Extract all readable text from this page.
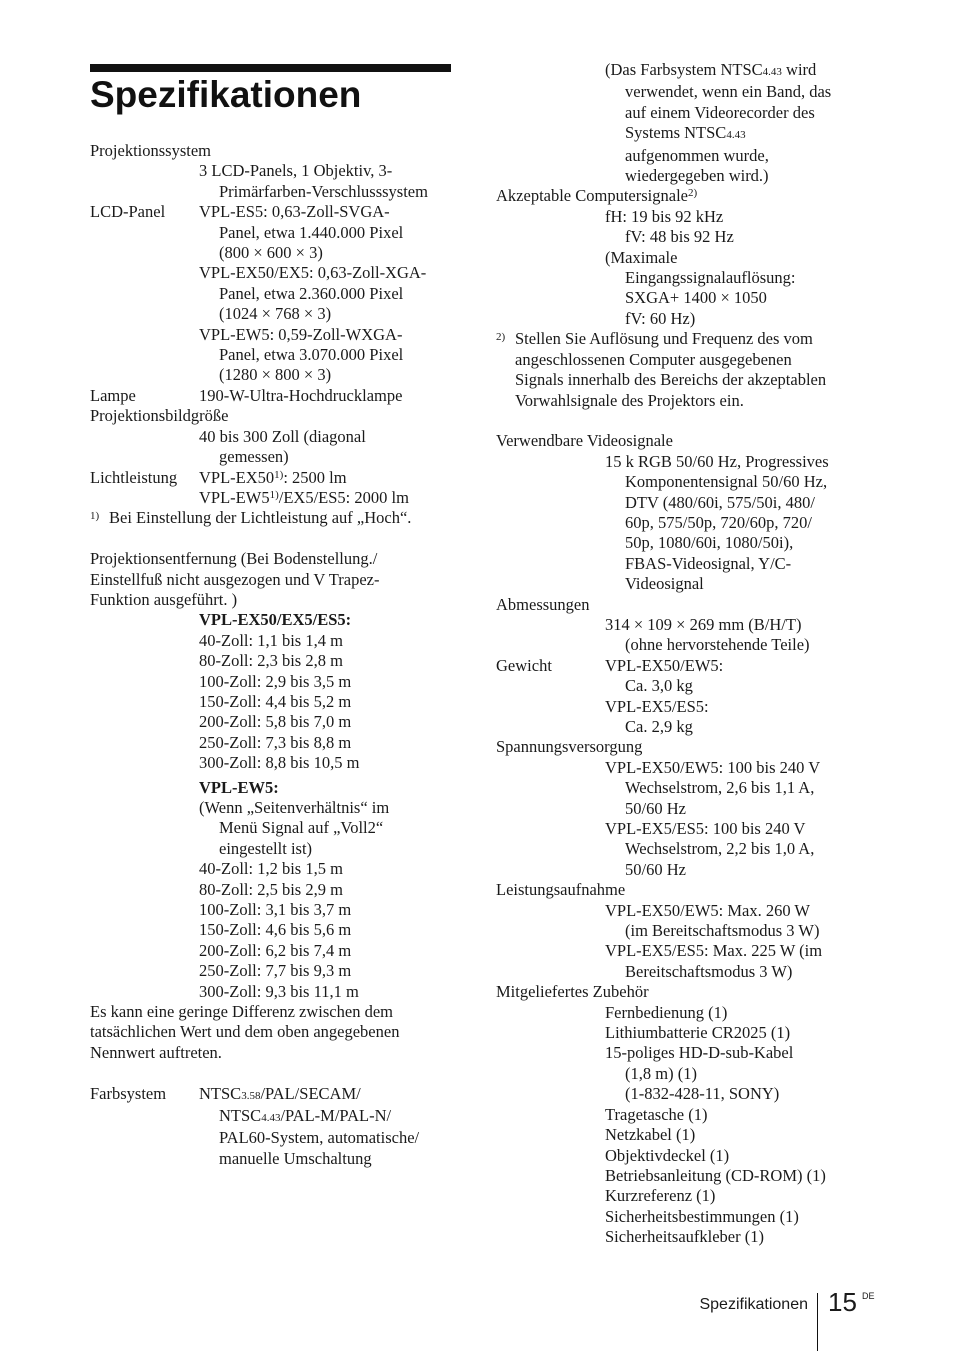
Spezifikationen
Projektionssystem
3 LCD-Panels, 1 Objektiv, 3-
Primärfarben-Verschlusssystem
LCD-Panel VPL-ES5: 0,63-Zoll-SVGA-
Panel, etwa 1.440.000 Pixel
(800 × 600 × 3)
VPL-EX50/EX5: 0,63-Zoll-XGA-
Panel, etwa 2.360.000 Pixel
(1024 × 768 × 3)
VPL-EW5: 0,59-Zoll-WXGA-
Panel, etwa 3.070.000 Pixel
(1280 × 800 × 3)
Lampe	190-W-Ultra-Hochdrucklampe
Projektionsbildgröße
40 bis 300 Zoll (diagonal
gemessen)
Lichtleistung VPL-EX50$^{1)}$: 2500 lm
VPL-EW5$^{1)}$/EX5/ES5: 2000 lm
1) Bei Einstellung der Lichtleistung auf „Hoch“.
Projektionsentfernung (Bei Bodenstellung./
Einstellfuß nicht ausgezogen und V Trapez-
Funktion ausgeführt. )
VPL-EX50/EX5/ES5:
40-Zoll: 1,1 bis 1,4 m
80-Zoll: 2,3 bis 2,8 m
100-Zoll: 2,9 bis 3,5 m
150-Zoll: 4,4 bis 5,2 m
200-Zoll: 5,8 bis 7,0 m
250-Zoll: 7,3 bis 8,8 m
300-Zoll: 8,8 bis 10,5 m
VPL-EW5:
(Wenn „Seitenverhältnis“ im
Menü Signal auf „Voll2“
eingestellt ist)
40-Zoll: 1,2 bis 1,5 m
80-Zoll: 2,5 bis 2,9 m
100-Zoll: 3,1 bis 3,7 m
150-Zoll: 4,6 bis 5,6 m
200-Zoll: 6,2 bis 7,4 m
250-Zoll: 7,7 bis 9,3 m
300-Zoll: 9,3 bis 11,1 m
Es kann eine geringe Differenz zwischen dem
tatsächlichen Wert und dem oben angegebenen
Nennwert auftreten.
Farbsystem NTSC3.58/PAL/SECAM/
NTSC4.43/PAL-M/PAL-N/
PAL60-System, automatische/
manuelle Umschaltung
(Das Farbsystem NTSC4.43 wird
verwendet, wenn ein Band, das
auf einem Videorecorder des
Systems NTSC4.43
aufgenommen wurde,
wiedergegeben wird.)
Akzeptable Computersignale$^{2)}$
fH: 19 bis 92 kHz
fV: 48 bis 92 Hz
(Maximale
Eingangssignalauflösung:
SXGA+ 1400 × 1050
fV: 60 Hz)
2) Stellen Sie Auflösung und Frequenz des vom
angeschlossenen Computer ausgegebenen
Signals innerhalb des Bereichs der akzeptablen
Vorwahlsignale des Projektors ein.
Verwendbare Videosignale
15 k RGB 50/60 Hz, Progressives
Komponentensignal 50/60 Hz,
DTV (480/60i, 575/50i, 480/
60p, 575/50p, 720/60p, 720/
50p, 1080/60i, 1080/50i),
FBAS-Videosignal, Y/C-
Videosignal
Abmessungen
314 × 109 × 269 mm (B/H/T)
(ohne hervorstehende Teile)
Gewicht	VPL-EX50/EW5:
Ca. 3,0 kg
VPL-EX5/ES5:
Ca. 2,9 kg
Spannungsversorgung
VPL-EX50/EW5: 100 bis 240 V
Wechselstrom, 2,6 bis 1,1 A,
50/60 Hz
VPL-EX5/ES5: 100 bis 240 V
Wechselstrom, 2,2 bis 1,0 A,
50/60 Hz
Leistungsaufnahme
VPL-EX50/EW5: Max. 260 W
(im Bereitschaftsmodus 3 W)
VPL-EX5/ES5: Max. 225 W (im
Bereitschaftsmodus 3 W)
Mitgeliefertes Zubehör
Fernbedienung (1)
Lithiumbatterie CR2025 (1)
15-poliges HD-D-sub-Kabel
(1,8 m) (1)
(1-832-428-11, SONY)
Tragetasche (1)
Netzkabel (1)
Objektivdeckel (1)
Betriebsanleitung (CD-ROM) (1)
Kurzreferenz (1)
Sicherheitsbestimmungen (1)
Sicherheitsaufkleber (1)
Spezifikationen 15 DE
